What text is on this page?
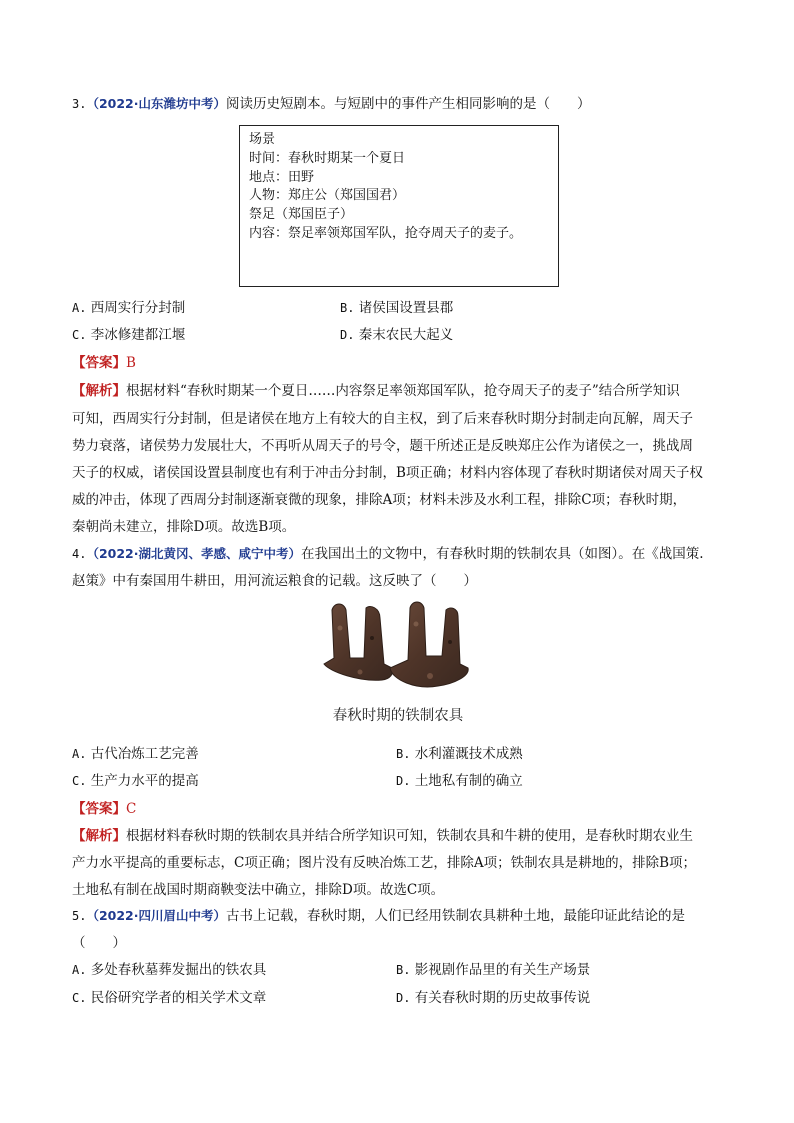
3.（2022·山东潍坊中考）阅读历史短剧本。与短剧中的事件产生相同影响的是（　　）
场景
时间：春秋时期某一个夏日
地点：田野
人物：郑庄公（郑国国君）
祭足（郑国臣子）
内容：祭足率领郑国军队，抢夺周天子的麦子。
A. 西周实行分封制	B. 诸侯国设置县郡
C. 李冰修建都江堰	D. 秦末农民大起义
【答案】B
【解析】根据材料“春秋时期某一个夏日……内容祭足率领郑国军队，抢夺周天子的麦子”结合所学知识
可知，西周实行分封制，但是诸侯在地方上有较大的自主权，到了后来春秋时期分封制走向瓦解，周天子
势力衰落，诸侯势力发展壮大，不再听从周天子的号令，题干所述正是反映郑庄公作为诸侯之一，挑战周
天子的权威，诸侯国设置县制度也有利于冲击分封制，B项正确；材料内容体现了春秋时期诸侯对周天子权
威的冲击，体现了西周分封制逐渐衰微的现象，排除A项；材料未涉及水利工程，排除C项；春秋时期，
秦朝尚未建立，排除D项。故选B项。
4.（2022·湖北黄冈、孝感、咸宁中考）在我国出土的文物中，有春秋时期的铁制农具（如图）。在《战国策.
赵策》中有秦国用牛耕田，用河流运粮食的记载。这反映了（　　）
春秋时期的铁制农具
A. 古代冶炼工艺完善	B. 水利灌溉技术成熟
C. 生产力水平的提高	D. 土地私有制的确立
【答案】C
【解析】根据材料春秋时期的铁制农具并结合所学知识可知，铁制农具和牛耕的使用，是春秋时期农业生
产力水平提高的重要标志，C项正确；图片没有反映冶炼工艺，排除A项；铁制农具是耕地的，排除B项；
土地私有制在战国时期商鞅变法中确立，排除D项。故选C项。
5.（2022·四川眉山中考）古书上记载，春秋时期，人们已经用铁制农具耕种土地，最能印证此结论的是
（　　）
A. 多处春秋墓葬发掘出的铁农具	B. 影视剧作品里的有关生产场景
C. 民俗研究学者的相关学术文章	D. 有关春秋时期的历史故事传说
